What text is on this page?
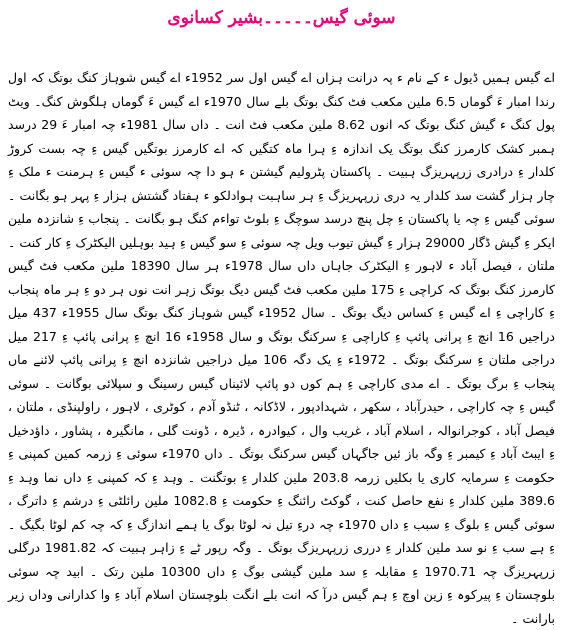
سوئی گیس۔۔۔۔۔بشیر کسانوی

اے گیس ہمیں ڈیول ء کے نام ء پہ درانت ہزاں اے گیس اول سر 1952ء اے گیس شوہاز کنگ بوتگ کہ اول رندا امبار ءَ گوماں 6.5 ملین مکعب فٹ کنگ بوتگ بلے سال 1970ء اے گیس ءَ گوماں ہلگوش کنگ۔ ویٹ پول کنگ ء گیش کنگ بوتگ کہ انوں 8.62 ملین مکعب فٹ انت ۔ داں سال 1981ء چہ امبار ءَ 29 درسد ہمبر کشک کارمرز کنگ بوتگ یک اندازہ ءِ ہرا ماہ کتگیں کہ اے کارمرز بوتگیں گیس ءِ چہ بست کروڑ کلدار ءِ درادری زرپہریزگ ہبیت ۔ پاکستان پٹرولیم گیشتن ء ہو دا چہ سوئی ء گیس ءِ ہرمنت ء ملک ءِ چار ہزار گشت سد کلدار یہ دری زرپہریزگ ءِ ہر ساہبت ہوادلکو ء ہفتاد گشتش ہزار ءِ پہر ہو بگانت ۔ سوئی گیس ءِ چہ یا پاکستان ءِ چل پنچ درسد سوچگ ءِ بلوٹ تواءم کنگ ہو بگانت ۔ پنجاب ءِ شانزدہ ملین ایکر ءِ گیش ڈگار 29000 ہزار ءِ گیش تیوب ویل چہ سوئی ءِ سو گیس ءِ ہید بوہلیں الیکٹرک ءِ کار کنت ۔ ملتان ، فیصل آباد ء لاہور ءِ الیکٹرک جاہاں داں سال 1978ء ہر سال 18390 ملین مکعب فٹ گیس کارمرز کنگ بوتگ کہ کراچی ءِ 175 ملین مکعب فٹ گیس دیگ بوتگ زہر انت نوں ہر دو ءِ ہر ماہ پنجاب ءِ کاراچی ءِ اے گیس ءِ کساس دیگ بوتگ ۔ سال 1952ء گیس شوہاز کنگ بوتگ سال 1955ء 437 میل دراجیں 16 انچ ءِ پرانی پائپ ءِ کاراچی ءِ سرکنگ بوتگ و سال 1958ء 16 انچ ءِ پرانی پائپ ءِ 217 میل دراجی ملتان ءِ سرکنگ بوتگ ۔ 1972ء ءِ یک دگہ 106 میل دراجیں شانزدہ انچ ءِ پرانی پائپ لائنے ماں پنجاب ءِ برگ بوتگ ۔ اے مدی کاراچی ءِ ہم کوں دو پائپ لائیناں گیس رسینگ و سپلائی بوگانت ۔ سوئی گیس ءِ چہ کاراچی ، حیدرآباد ، سکھر ، شہدادپور ، لاڈکانہ ، ٹنڈو آدم ، کوٹری ، لاہور ، راولپنڈی ، ملتان ، فیصل آباد ، کوجرانوالہ ، اسلام آباد ، غریب وال ، کیوادرہ ، ڈیرہ ، ڈونت گلی ، مانگیرہ ، پشاور ، داؤدخیل ءِ ایبٹ آباد ءِ کیمبر ءِ وگہ باز ئیں جاگہاں گیس سرکنگ بوتگ ۔ داں 1970ء سوئی ءِ زرمہ کمین کمپنی ءِ حکومت ءِ سرمایہ کاری یا بکلیں زرمہ 203.8 ملین کلدار ءِ بوتگنت ۔ وہد ءِ کہ کمپنی ءِ داں نما وہد ءِ 389.6 ملین کلدار ءِ نفع حاصل کنت ، گوکٹ رائنگ ءِ حکومت ءِ 1082.8 ملین رائلٹی ءِ درشم ءِ داترگ ، سوئی گیس ءِ بلوگ ءِ سبب ءِ داں 1970ء چہ درءِ تیل نہ لوٹا بوگ یا ہمے اندازگ ءِ کہ چہ کم لوٹا بگیگ ۔ ءِ ہے سب ءِ نو سد ملین کلدار ءِ درری زرپہریزگ بوتگ ۔ وگہ رپور ٹے ءِ زاہر ہبیت کہ 1981.82 درگلی زرپہریزگ چہ 1970.71 ءِ مقابلہ ءِ سد ملین گیشی بوگ ءِ داں 10300 ملین رتک ۔ ابید چہ سوئی بلوچستان ءِ پیرکوہ ءِ زین اوچ ءِ ہم گیس درآ کہ انت بلے انگت بلوچستان اسلام آباد ءِ وا کدارانی وداں زیر بارانت ۔
